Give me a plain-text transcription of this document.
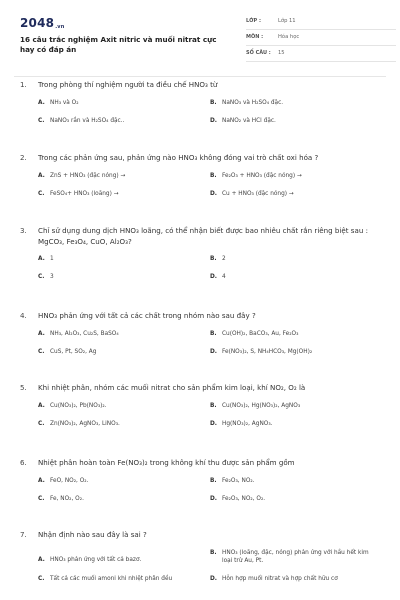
2048.vn
16 câu trắc nghiệm Axit nitric và muối nitrat cực hay có đáp án
LỚP :	Lớp 11
MÔN :	Hóa học
SỐ CÂU : 15
1. Trong phòng thí nghiệm người ta điều chế HNO₃ từ
A. NH₃ và O₂	B. NaNO₃ và H₂SO₄ đặc.
C. NaNO₃ rắn và H₂SO₄ đặc..	D. NaNO₂ và HCl đặc.
2. Trong các phản ứng sau, phản ứng nào HNO₃ không đóng vai trò chất oxi hóa ?
A. ZnS + HNO₃ (đặc nóng) →	B. Fe₂O₃ + HNO₃ (đặc nóng) →
C. FeSO₄+ HNO₃ (loãng) →	D. Cu + HNO₃ (đặc nóng) →
3. Chỉ sử dụng dung dịch HNO₃ loãng, có thể nhận biết được bao nhiêu chất rắn riêng biệt sau : MgCO₃, Fe₃O₄, CuO, Al₂O₃?
A. 1	B. 2
C. 3	D. 4
4. HNO₃ phản ứng với tất cả các chất trong nhóm nào sau đây ?
A. NH₃, Al₂O₃, Cu₂S, BaSO₄	B. Cu(OH)₂, BaCO₃, Au, Fe₂O₃
C. CuS, Pt, SO₂, Ag	D. Fe(NO₃)₂, S, NH₄HCO₃, Mg(OH)₂
5. Khi nhiệt phân, nhóm các muối nitrat cho sản phẩm kim loại, khí NO₂, O₂ là
A. Cu(NO₃)₂, Pb(NO₃)₂.	B. Cu(NO₃)₂, Hg(NO₃)₂, AgNO₃
C. Zn(NO₃)₂, AgNO₃, LiNO₃.	D. Hg(NO₃)₂, AgNO₃.
6. Nhiệt phân hoàn toàn Fe(NO₃)₂ trong không khí thu được sản phẩm gồm
A. FeO, NO₂, O₂.	B. Fe₂O₃, NO₂.
C. Fe, NO₂, O₂.	D. Fe₂O₃, NO₂, O₂.
7. Nhận định nào sau đây là sai ?
A. HNO₃ phản ứng với tất cả bazơ.
B. HNO₃ (loãng, đặc, nóng) phản ứng với hầu hết kim loại trừ Au, Pt.
C. Tất cả các muối amoni khi nhiệt phân đều	D. Hỗn hợp muối nitrat và hợp chất hữu cơ
